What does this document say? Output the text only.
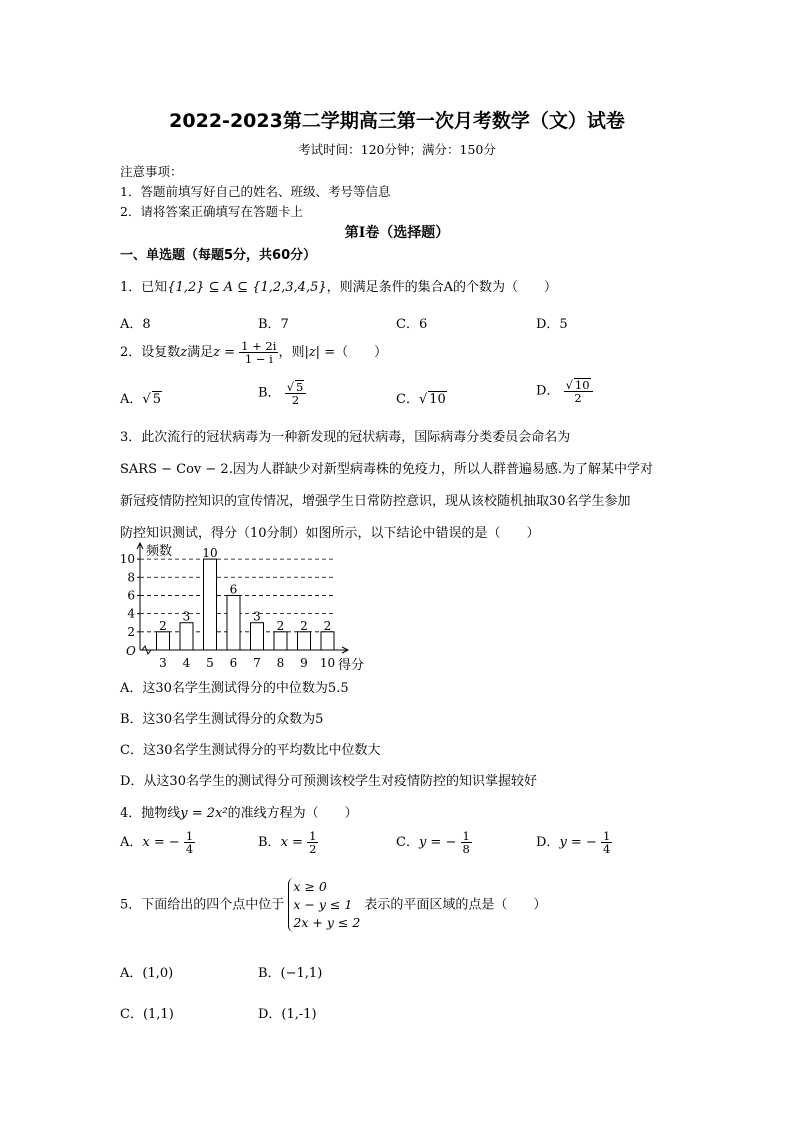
2022-2023第二学期高三第一次月考数学（文）试卷
考试时间：120分钟；满分：150分
注意事项：
1．答题前填写好自己的姓名、班级、考号等信息
2．请将答案正确填写在答题卡上
第I卷（选择题）
一、单选题（每题5分，共60分）
1．已知{1,2} ⊆ A ⊆ {1,2,3,4,5}，则满足条件的集合A的个数为（　　）
A．8	B．7	C．6	D．5
2．设复数z满足$z = \frac{1 + 2i}{1 - i}$ ，则|z| =（　　）
A．√ 5	B． $\frac{√ 5}{2}$	C．√ 10
D． $\frac{√ 10}{2}$
3．此次流行的冠状病毒为一种新发现的冠状病毒，国际病毒分类委员会命名为
SARS − Cov − 2.因为人群缺少对新型病毒株的免疫力，所以人群普遍易感.为了解某中学对
新冠疫情防控知识的宣传情况，增强学生日常防控意识，现从该校随机抽取30名学生参加
防控知识测试，得分（10分制）如图所示，以下结论中错误的是（　　）
2
4
6
8
10
频数
得分
O
2
3
3
4
10
5
6
6
3
7
2
8
2
9
2
10
A．这30名学生测试得分的中位数为5.5
B．这30名学生测试得分的众数为5
C．这30名学生测试得分的平均数比中位数大
D．从这30名学生的测试得分可预测该校学生对疫情防控的知识掌握较好
4．抛物线y = 2x²的准线方程为（　　）
A．x = − $\frac{1}{4}$	B．$x = \frac{1}{2}$	C．y = − $\frac{1}{8}$	D．y = − $\frac{1}{4}$
5．下面给出的四个点中位于
x ≥ 0
x − y ≤ 1
2x + y ≤ 2
表示的平面区域的点是（　　）
A．(1,0)	B．(−1,1)
C．(1,1)	D．(1,-1)
